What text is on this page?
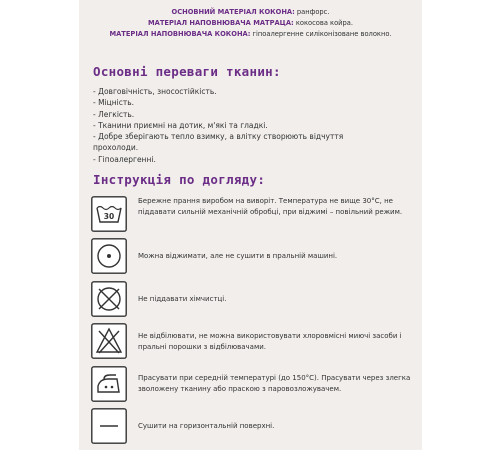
ОСНОВНИЙ МАТЕРІАЛ КОКОНА: ранфорс.
МАТЕРІАЛ НАПОВНЮВАЧА МАТРАЦА: кокосова койра.
МАТЕРІАЛ НАПОВНЮВАЧА КОКОНА: гіпоалергенне силіконізоване волокно.
Основні переваги тканин:
- Довговічність, зносостійкість.
- Міцність.
- Легкість.
- Тканини приємні на дотик, м'які та гладкі.
- Добре зберігають тепло взимку, а влітку створюють відчуття
прохолоди.
- Гіпоалергенні.
Інструкція по догляду:
30
Бережне прання виробом на виворіт. Температура не вище 30°С, не піддавати сильній механічній обробці, при віджимі – повільний режим.
Можна віджимати, але не сушити в пральній машині.
Не піддавати хімчистці.
Не відбілювати, не можна використовувати хлоровмісні миючі засоби і пральні порошки з відбілювачами.
Прасувати при середній температурі (до 150°С). Прасувати через злегка зволожену тканину або праскою з паровозложувачем.
Сушити на горизонтальній поверхні.
